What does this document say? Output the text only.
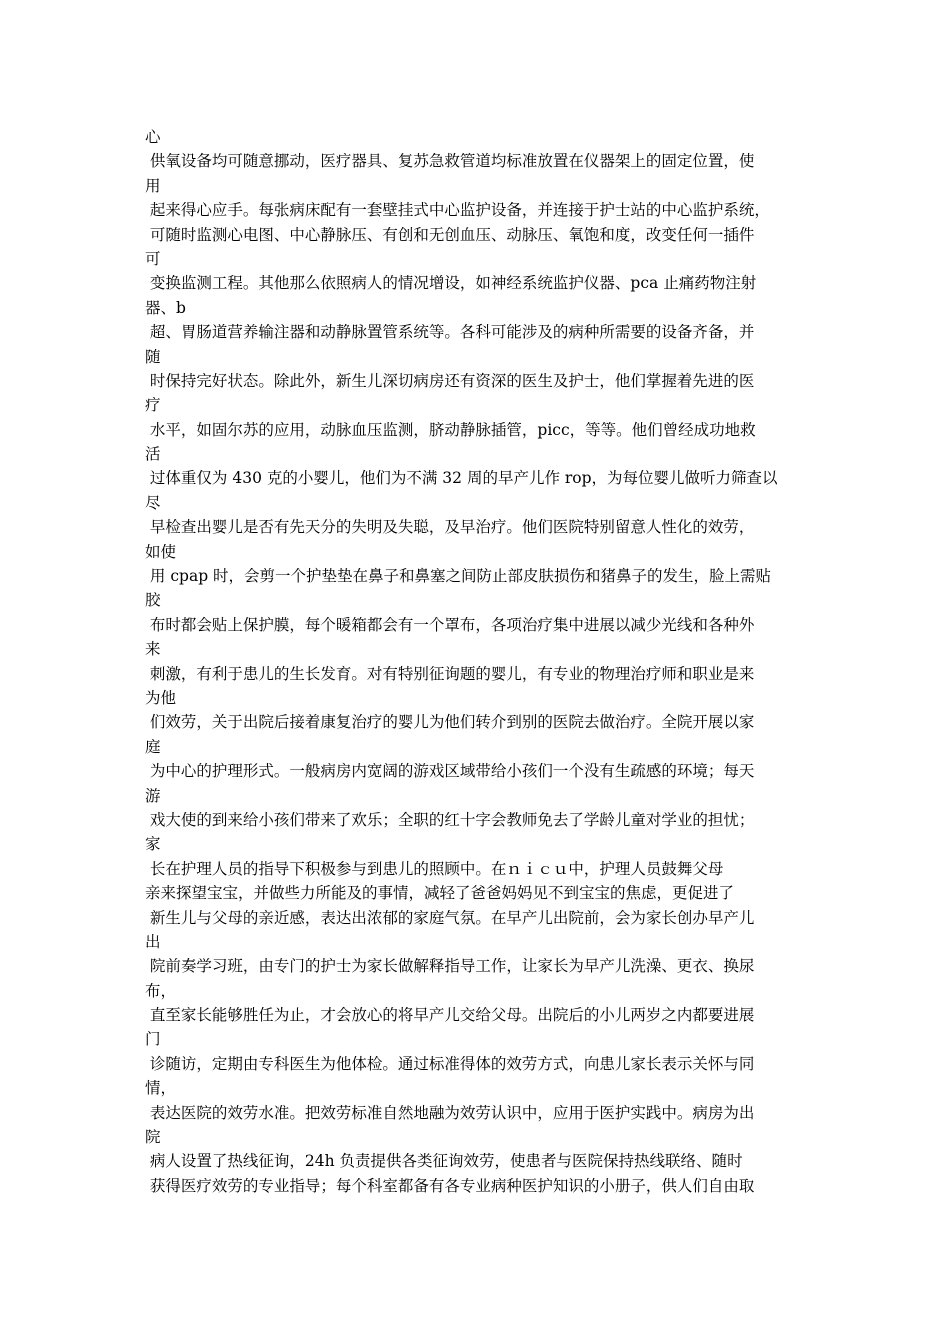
心
供氧设备均可随意挪动，医疗器具、复苏急救管道均标准放置在仪器架上的固定位置，使
用
起来得心应手。每张病床配有一套壁挂式中心监护设备，并连接于护士站的中心监护系统，
可随时监测心电图、中心静脉压、有创和无创血压、动脉压、氧饱和度，改变任何一插件
可
变换监测工程。其他那么依照病人的情况增设，如神经系统监护仪器、pca 止痛药物注射
器、b
超、胃肠道营养输注器和动静脉置管系统等。各科可能涉及的病种所需要的设备齐备，并
随
时保持完好状态。除此外，新生儿深切病房还有资深的医生及护士，他们掌握着先进的医
疗
水平，如固尔苏的应用，动脉血压监测，脐动静脉插管，picc，等等。他们曾经成功地救
活
过体重仅为 430 克的小婴儿，他们为不满 32 周的早产儿作 rop，为每位婴儿做听力筛查以
尽
早检查出婴儿是否有先天分的失明及失聪，及早治疗。他们医院特别留意人性化的效劳，
如使
用 cpap 时，会剪一个护垫垫在鼻子和鼻塞之间防止部皮肤损伤和猪鼻子的发生，脸上需贴
胶
布时都会贴上保护膜，每个暖箱都会有一个罩布，各项治疗集中进展以减少光线和各种外
来
刺激，有利于患儿的生长发育。对有特别征询题的婴儿，有专业的物理治疗师和职业是来
为他
们效劳，关于出院后接着康复治疗的婴儿为他们转介到别的医院去做治疗。全院开展以家
庭
为中心的护理形式。一般病房内宽阔的游戏区域带给小孩们一个没有生疏感的环境；每天
游
戏大使的到来给小孩们带来了欢乐；全职的红十字会教师免去了学龄儿童对学业的担忧；
家
长在护理人员的指导下积极参与到患儿的照顾中。在ｎｉｃｕ中，护理人员鼓舞父母
亲来探望宝宝，并做些力所能及的事情，减轻了爸爸妈妈见不到宝宝的焦虑，更促进了
新生儿与父母的亲近感，表达出浓郁的家庭气氛。在早产儿出院前，会为家长创办早产儿
出
院前奏学习班，由专门的护士为家长做解释指导工作，让家长为早产儿洗澡、更衣、换尿
布，
直至家长能够胜任为止，才会放心的将早产儿交给父母。出院后的小儿两岁之内都要进展
门
诊随访，定期由专科医生为他体检。通过标准得体的效劳方式，向患儿家长表示关怀与同
情，
表达医院的效劳水准。把效劳标准自然地融为效劳认识中，应用于医护实践中。病房为出
院
病人设置了热线征询，24h 负责提供各类征询效劳，使患者与医院保持热线联络、随时
获得医疗效劳的专业指导；每个科室都备有各专业病种医护知识的小册子，供人们自由取
